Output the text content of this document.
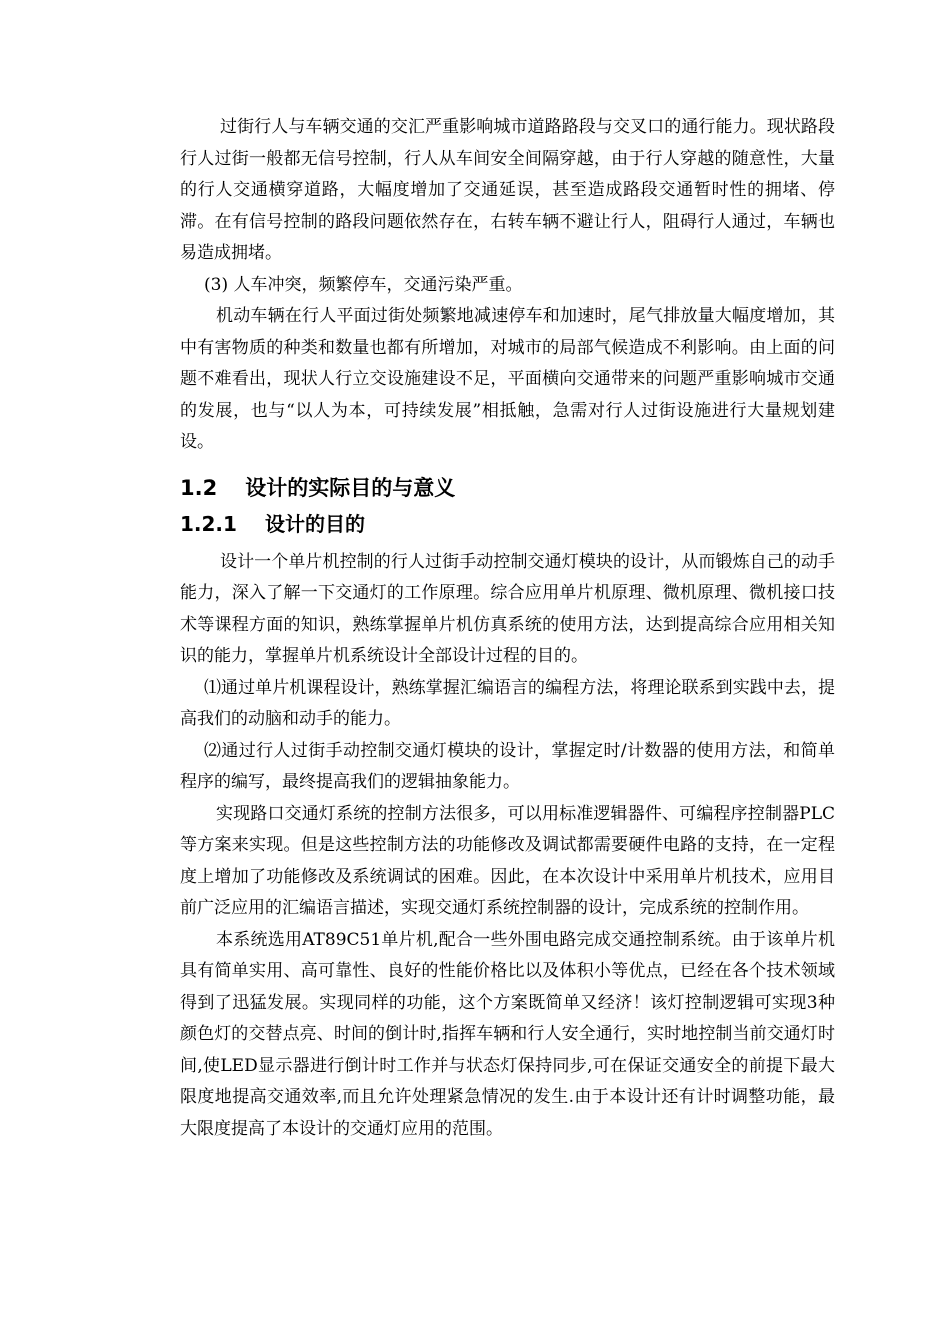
过街行人与车辆交通的交汇严重影响城市道路路段与交叉口的通行能力。现状路段行人过街一般都无信号控制，行人从车间安全间隔穿越，由于行人穿越的随意性，大量的行人交通横穿道路，大幅度增加了交通延误，甚至造成路段交通暂时性的拥堵、停滞。在有信号控制的路段问题依然存在，右转车辆不避让行人，阻碍行人通过，车辆也易造成拥堵。

(3) 人车冲突，频繁停车，交通污染严重。

机动车辆在行人平面过街处频繁地减速停车和加速时，尾气排放量大幅度增加，其中有害物质的种类和数量也都有所增加，对城市的局部气候造成不利影响。由上面的问题不难看出，现状人行立交设施建设不足，平面横向交通带来的问题严重影响城市交通的发展，也与“以人为本，可持续发展”相抵触，急需对行人过街设施进行大量规划建设。

1.2 设计的实际目的与意义
1.2.1 设计的目的

设计一个单片机控制的行人过街手动控制交通灯模块的设计，从而锻炼自己的动手能力，深入了解一下交通灯的工作原理。综合应用单片机原理、微机原理、微机接口技术等课程方面的知识，熟练掌握单片机仿真系统的使用方法，达到提高综合应用相关知识的能力，掌握单片机系统设计全部设计过程的目的。

⑴通过单片机课程设计，熟练掌握汇编语言的编程方法，将理论联系到实践中去，提高我们的动脑和动手的能力。

⑵通过行人过街手动控制交通灯模块的设计，掌握定时/计数器的使用方法，和简单程序的编写，最终提高我们的逻辑抽象能力。

实现路口交通灯系统的控制方法很多，可以用标准逻辑器件、可编程序控制器PLC等方案来实现。但是这些控制方法的功能修改及调试都需要硬件电路的支持，在一定程度上增加了功能修改及系统调试的困难。因此，在本次设计中采用单片机技术，应用目前广泛应用的汇编语言描述，实现交通灯系统控制器的设计，完成系统的控制作用。

本系统选用AT89C51单片机,配合一些外围电路完成交通控制系统。由于该单片机具有简单实用、高可靠性、良好的性能价格比以及体积小等优点，已经在各个技术领域得到了迅猛发展。实现同样的功能，这个方案既简单又经济！该灯控制逻辑可实现3种颜色灯的交替点亮、时间的倒计时,指挥车辆和行人安全通行，实时地控制当前交通灯时间,使LED显示器进行倒计时工作并与状态灯保持同步,可在保证交通安全的前提下最大限度地提高交通效率,而且允许处理紧急情况的发生.由于本设计还有计时调整功能，最大限度提高了本设计的交通灯应用的范围。
